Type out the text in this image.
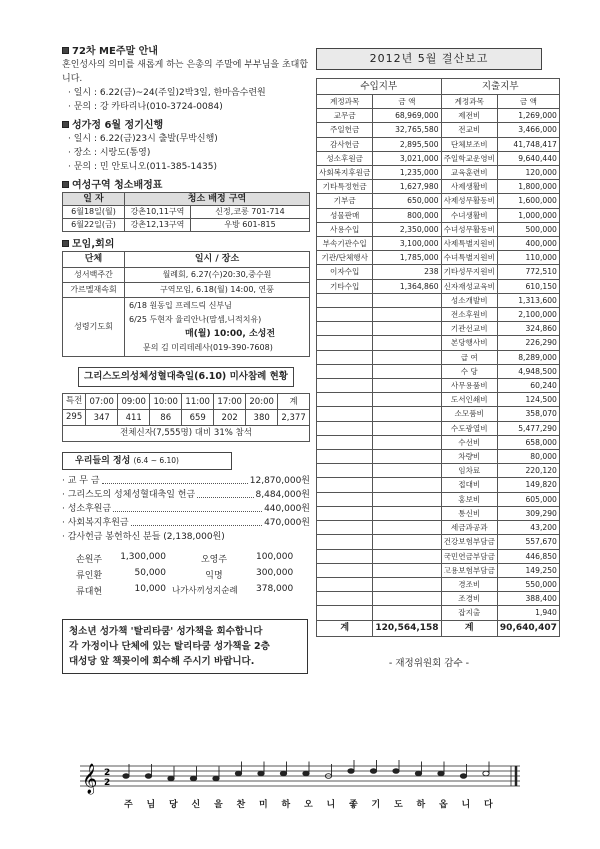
72차 ME주말 안내
혼인성사의 의미를 새롭게 하는 은총의 주말에 부부님을 초대합니다.
· 일시 : 6.22(금)~24(주일)2박3일, 한마음수련원
· 문의 : 강 카타리나(010-3724-0084)
성가정 6월 정기신행
· 일시 : 6.22(금)23시 출발(무박신행)
· 장소 : 시랑도(통영)
· 문의 : 민 안토니오(011-385-1435)
여성구역 청소배정표
일 자	청소 배정 구역	
6월18일(월)	강촌10,11구역	신정,코롱 701-714
6월22일(금)	강촌12,13구역	우방 601-815
모임,회의
단체	일시 / 장소
성서백주간	월례회, 6.27(수)20:30,중수원
가르멜재속회	구역모임, 6.18(월) 14:00, 연풍
성령기도회	6/18 원동입 프레드릭 신부님
6/25 두현자 율리안나(맘셈,니적치유)
매(월) 10:00, 소성전
문의 김 미리데레사(019-390-7608)
그리스도의성체성혈대축일(6.10) 미사참례 현황
특전	07:00	09:00	10:00	11:00	17:00	20:00	계
295	347	411	86	659	202	380	2,377
전체신자(7,555명) 대비 31% 참석							
우리들의 정성 (6.4 ~ 6.10)
· 교 무 금	12,870,000원
· 그리스도의 성체성혈대축일 헌금	8,484,000원
· 성소후원금	440,000원
· 사회복지후원금	470,000원
· 감사헌금 봉헌하신 분들 (2,138,000원)
손원주	1,300,000	오영주	100,000
류인환	50,000	익명	300,000
류대현	10,000 나가사끼성지순례	378,000
청소년 성가책 '탈리타쿰' 성가책을 회수합니다
각 가정이나 단체에 있는 탈리타쿰 성가책을 2층
대성당 앞 책꽂이에 회수해 주시기 바랍니다.
2012년 5월 결산보고
수입지부		지출지부	
계정과목	금 액	계정과목	금 액
교무금	68,969,000	제전비	1,269,000
주일헌금	32,765,580	전교비	3,466,000
감사헌금	2,895,500	단체보조비	41,748,417
성소후원금	3,021,000	주일학교운영비	9,640,440
사회복지후원금	1,235,000	교육훈련비	120,000
기타특정헌금	1,627,980	사제생활비	1,800,000
기부금	650,000	사제성무활동비	1,600,000
성물판매	800,000	수녀생활비	1,000,000
사용수입	2,350,000	수녀성무활동비	500,000
부속기관수입	3,100,000	사제특별지원비	400,000
기관/단체행사	1,785,000	수녀특별지원비	110,000
이자수입	238	기타성무지원비	772,510
기타수입	1,364,860	신자재성교육비	610,150
		성소개발비	1,313,600
		전소후원비	2,100,000
		기관선교비	324,860
		본당행사비	226,290
		급 여	8,289,000
		수 당	4,948,500
		사무용품비	60,240
		도서인쇄비	124,500
		소모품비	358,070
		수도광열비	5,477,290
		수선비	658,000
		차량비	80,000
		임차료	220,120
		접대비	149,820
		홍보비	605,000
		통신비	309,290
		세금과공과	43,200
		건강보험부담금	557,670
		국민연금부담금	446,850
		고용보험부담금	149,250
		경조비	550,000
		조경비	388,400
		잡지출	1,940
계	120,564,158	계	90,640,407
- 재정위원회 감수 -
𝄞 2
2
주 님 당 신 을 찬 미 하 오 니 좋 기 도 하 옵 니 다
